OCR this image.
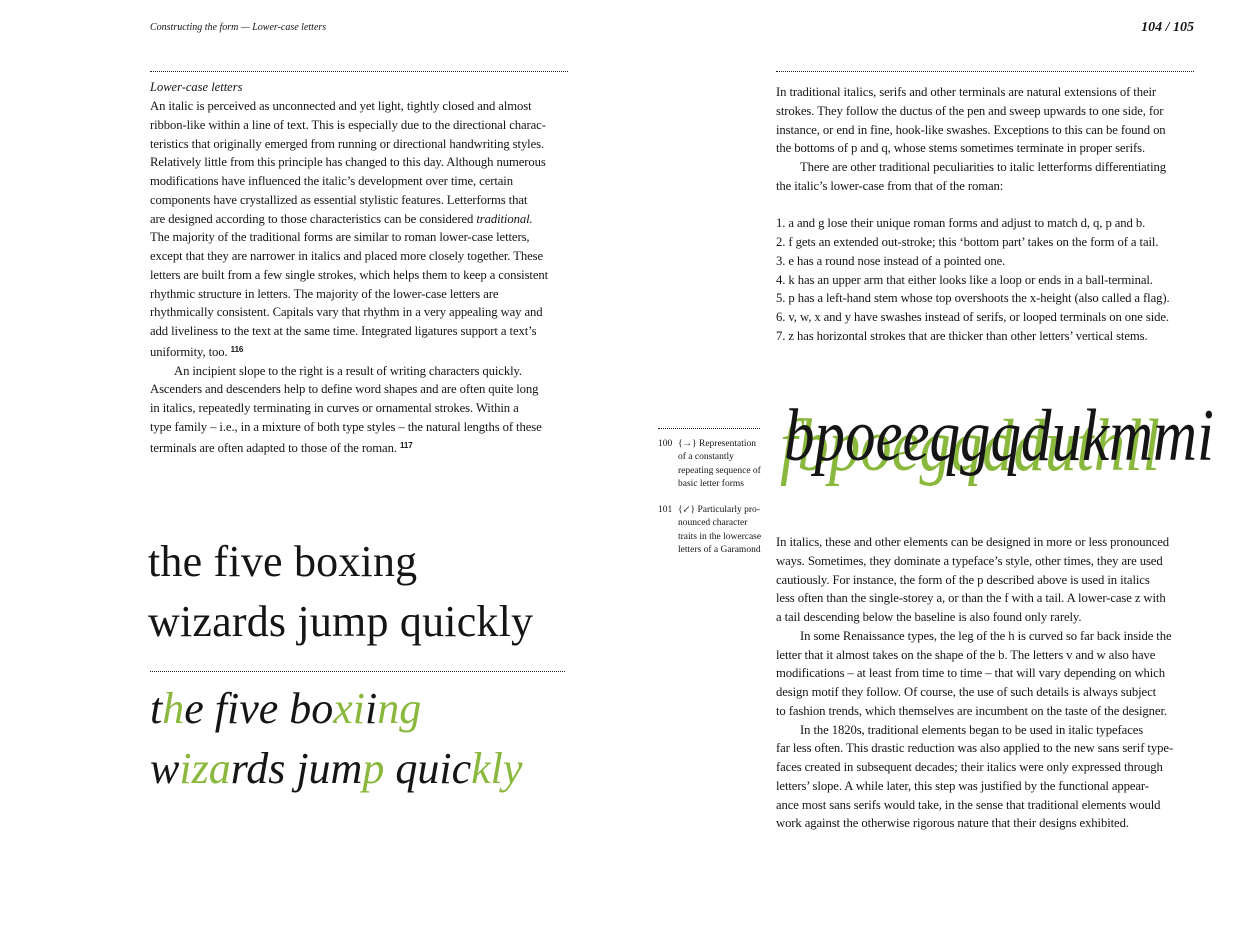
Constructing the form — Lower-case letters	104 / 105
Lower-case letters

An italic is perceived as unconnected and yet light, tightly closed and almost
ribbon-like within a line of text. This is especially due to the directional charac-
teristics that originally emerged from running or directional handwriting styles.
Relatively little from this principle has changed to this day. Although numerous
modifications have influenced the italic’s development over time, certain
components have crystallized as essential stylistic features. Letterforms that
are designed according to those characteristics can be considered traditional.
The majority of the traditional forms are similar to roman lower-case letters,
except that they are narrower in italics and placed more closely together. These
letters are built from a few single strokes, which helps them to keep a consistent
rhythmic structure in letters. The majority of the lower-case letters are
rhythmically consistent. Capitals vary that rhythm in a very appealing way and
add liveliness to the text at the same time. Integrated ligatures support a text’s
uniformity, too. $^{116}$

An incipient slope to the right is a result of writing characters quickly.

Ascenders and descenders help to define word shapes and are often quite long
in italics, repeatedly terminating in curves or ornamental strokes. Within a
type family – i.e., in a mixture of both type styles – the natural lengths of these
terminals are often adapted to those of the roman. $^{117}$

the five boxing
wizards jump quickly
the five boxiing
wizards jump quickly
100 {→} Representation of a constantly repeating sequence of basic letter forms
101 {↙} Particularly pro-nounced character traits in the lowercase letters of a Garamond

In traditional italics, serifs and other terminals are natural extensions of their
strokes. They follow the ductus of the pen and sweep upwards to one side, for
instance, or end in fine, hook-like swashes. Exceptions to this can be found on
the bottoms of p and q, whose stems sometimes terminate in proper serifs.

There are other traditional peculiarities to italic letterforms differentiating

the italic’s lower-case from that of the roman:

1. a and g lose their unique roman forms and adjust to match d, q, p and b.
2. f gets an extended out-stroke; this ‘bottom part’ takes on the form of a tail.
3. e has a round nose instead of a pointed one.
4. k has an upper arm that either looks like a loop or ends in a ball-terminal.
5. p has a left-hand stem whose top overshoots the x-height (also called a flag).
6. v, w, x and y have swashes instead of serifs, or looped terminals on one side.
7. z has horizontal strokes that are thicker than other letters’ vertical stems.

fbpoegqdduthll
bpoeeqgqdukmmi

In italics, these and other elements can be designed in more or less pronounced
ways. Sometimes, they dominate a typeface’s style, other times, they are used
cautiously. For instance, the form of the p described above is used in italics
less often than the single-storey a, or than the f with a tail. A lower-case z with
a tail descending below the baseline is also found only rarely.

In some Renaissance types, the leg of the h is curved so far back inside the

letter that it almost takes on the shape of the b. The letters v and w also have
modifications – at least from time to time – that will vary depending on which
design motif they follow. Of course, the use of such details is always subject
to fashion trends, which themselves are incumbent on the taste of the designer.

In the 1820s, traditional elements began to be used in italic typefaces

far less often. This drastic reduction was also applied to the new sans serif type-
faces created in subsequent decades; their italics were only expressed through
letters’ slope. A while later, this step was justified by the functional appear-
ance most sans serifs would take, in the sense that traditional elements would
work against the otherwise rigorous nature that their designs exhibited.
